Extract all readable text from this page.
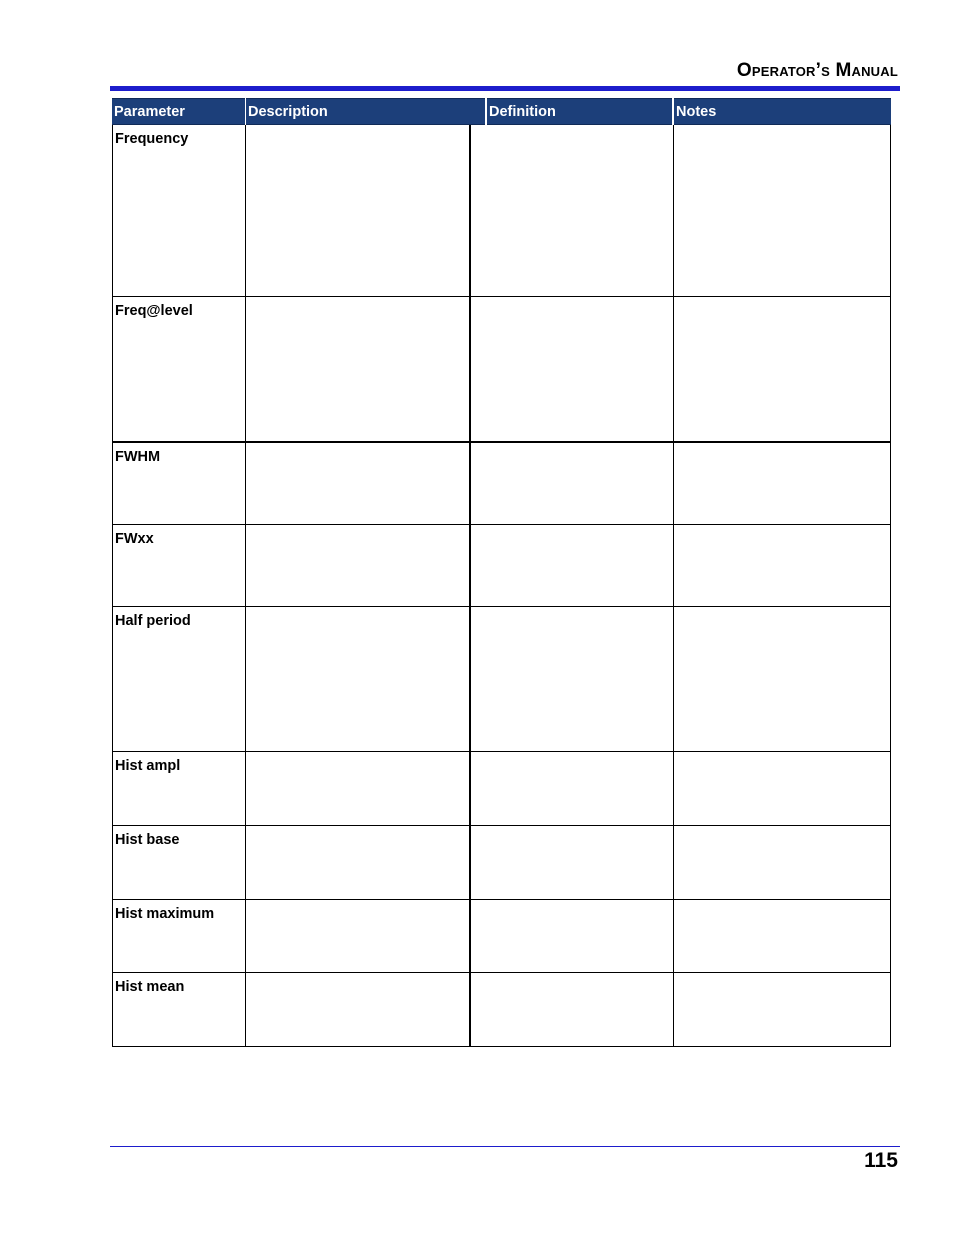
Operator’s Manual
Parameter	Description	Definition	Notes
Frequency
Freq@level
FWHM
FWxx
Half period
Hist ampl
Hist base
Hist maximum
Hist mean
115
